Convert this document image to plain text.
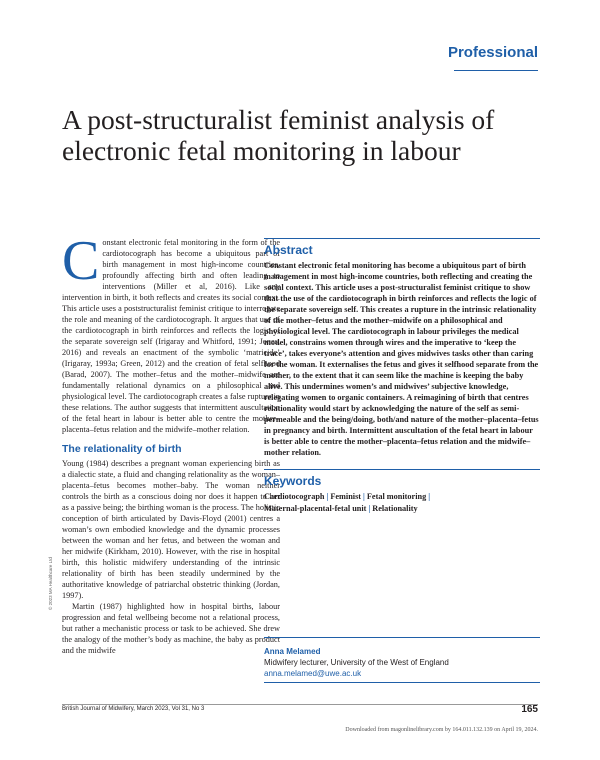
Professional
A post-structuralist feminist analysis of electronic fetal monitoring in labour

Constant electronic fetal monitoring in the form of the cardiotocograph has become a ubiquitous part of birth management in most high-income countries, profoundly affecting birth and often leading to interventions (Miller et al, 2016). Like any intervention in birth, it both reflects and creates its social context. This article uses a poststructuralist feminist critique to interrogate the role and meaning of the cardiotocograph. It argues that use of the cardiotocograph in birth reinforces and reflects the logic of the separate sovereign self (Irigaray and Whitford, 1991; Jones, 2016) and reveals an enactment of the symbolic ‘matricide’ (Irigaray, 1993a; Green, 2012) and the creation of fetal selfhood (Barad, 2007). The mother–fetus and the mother–midwife are fundamentally relational dynamics on a philosophical and physiological level. The cardiotocograph creates a false rupture in these relations. The author suggests that intermittent auscultation of the fetal heart in labour is better able to centre the mother–placenta–fetus relation and the midwife–mother relation.

The relationality of birth

Young (1984) describes a pregnant woman experiencing birth as a dialectic state, a fluid and changing relationality as the woman–placenta–fetus becomes mother–baby. The woman neither controls the birth as a conscious doing nor does it happen to her as a passive being; the birthing woman is the process. The holistic conception of birth articulated by Davis-Floyd (2001) centres a woman’s own embodied knowledge and the dynamic processes between the woman and her fetus, and between the woman and her midwife (Kirkham, 2010). However, with the rise in hospital birth, this holistic midwifery understanding of the intrinsic relationality of birth has been steadily undermined by the authoritative knowledge of patriarchal obstetric thinking (Jordan, 1997).

Martin (1987) highlighted how in hospital births, labour progression and fetal wellbeing become not a relational process, but rather a mechanistic process or task to be achieved. She drew the analogy of the mother’s body as machine, the baby as product and the midwife

Abstract
Constant electronic fetal monitoring has become a ubiquitous part of birth management in most high-income countries, both reflecting and creating the social context. This article uses a post-structuralist feminist critique to show that the use of the cardiotocograph in birth reinforces and reflects the logic of the separate sovereign self. This creates a rupture in the intrinsic relationality of the mother–fetus and the mother–midwife on a philosophical and physiological level. The cardiotocograph in labour privileges the medical model, constrains women through wires and the imperative to ‘keep the trace’, takes everyone’s attention and gives midwives tasks other than caring for the woman. It externalises the fetus and gives it selfhood separate from the mother, to the extent that it can seem like the machine is keeping the baby alive. This undermines women’s and midwives’ subjective knowledge, relegating women to organic containers. A reimagining of birth that centres relationality would start by acknowledging the nature of the self as semi-permeable and the being/doing, both/and nature of the mother–placenta–fetus in pregnancy and birth. Intermittent auscultation of the fetal heart in labour is better able to centre the mother–placenta–fetus relation and the midwife–mother relation.
Keywords
Cardiotocograph | Feminist | Fetal monitoring |
Maternal-placental-fetal unit | Relationality
Anna Melamed
Midwifery lecturer, University of the West of England
anna.melamed@uwe.ac.uk
© 2023 MA Healthcare Ltd
British Journal of Midwifery, March 2023, Vol 31, No 3	165
Downloaded from magonlinelibrary.com by 164.011.132.139 on April 19, 2024.
